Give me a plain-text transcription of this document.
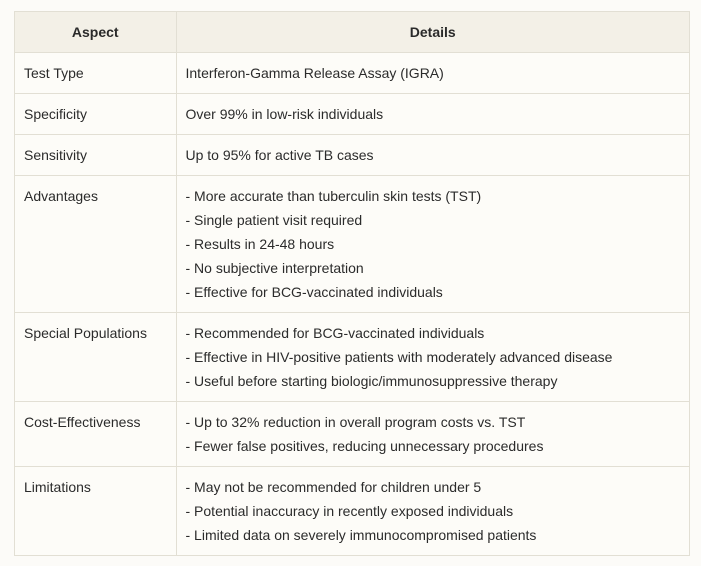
Aspect	Details
Test Type	Interferon-Gamma Release Assay (IGRA)

Specificity	Over 99% in low-risk individuals

Sensitivity	Up to 95% for active TB cases

Advantages	- More accurate than tuberculin skin tests (TST)
- Single patient visit required
- Results in 24-48 hours
- No subjective interpretation
- Effective for BCG-vaccinated individuals

Special Populations	- Recommended for BCG-vaccinated individuals
- Effective in HIV-positive patients with moderately advanced disease
- Useful before starting biologic/immunosuppressive therapy

Cost-Effectiveness	- Up to 32% reduction in overall program costs vs. TST
- Fewer false positives, reducing unnecessary procedures

Limitations	- May not be recommended for children under 5
- Potential inaccuracy in recently exposed individuals
- Limited data on severely immunocompromised patients
